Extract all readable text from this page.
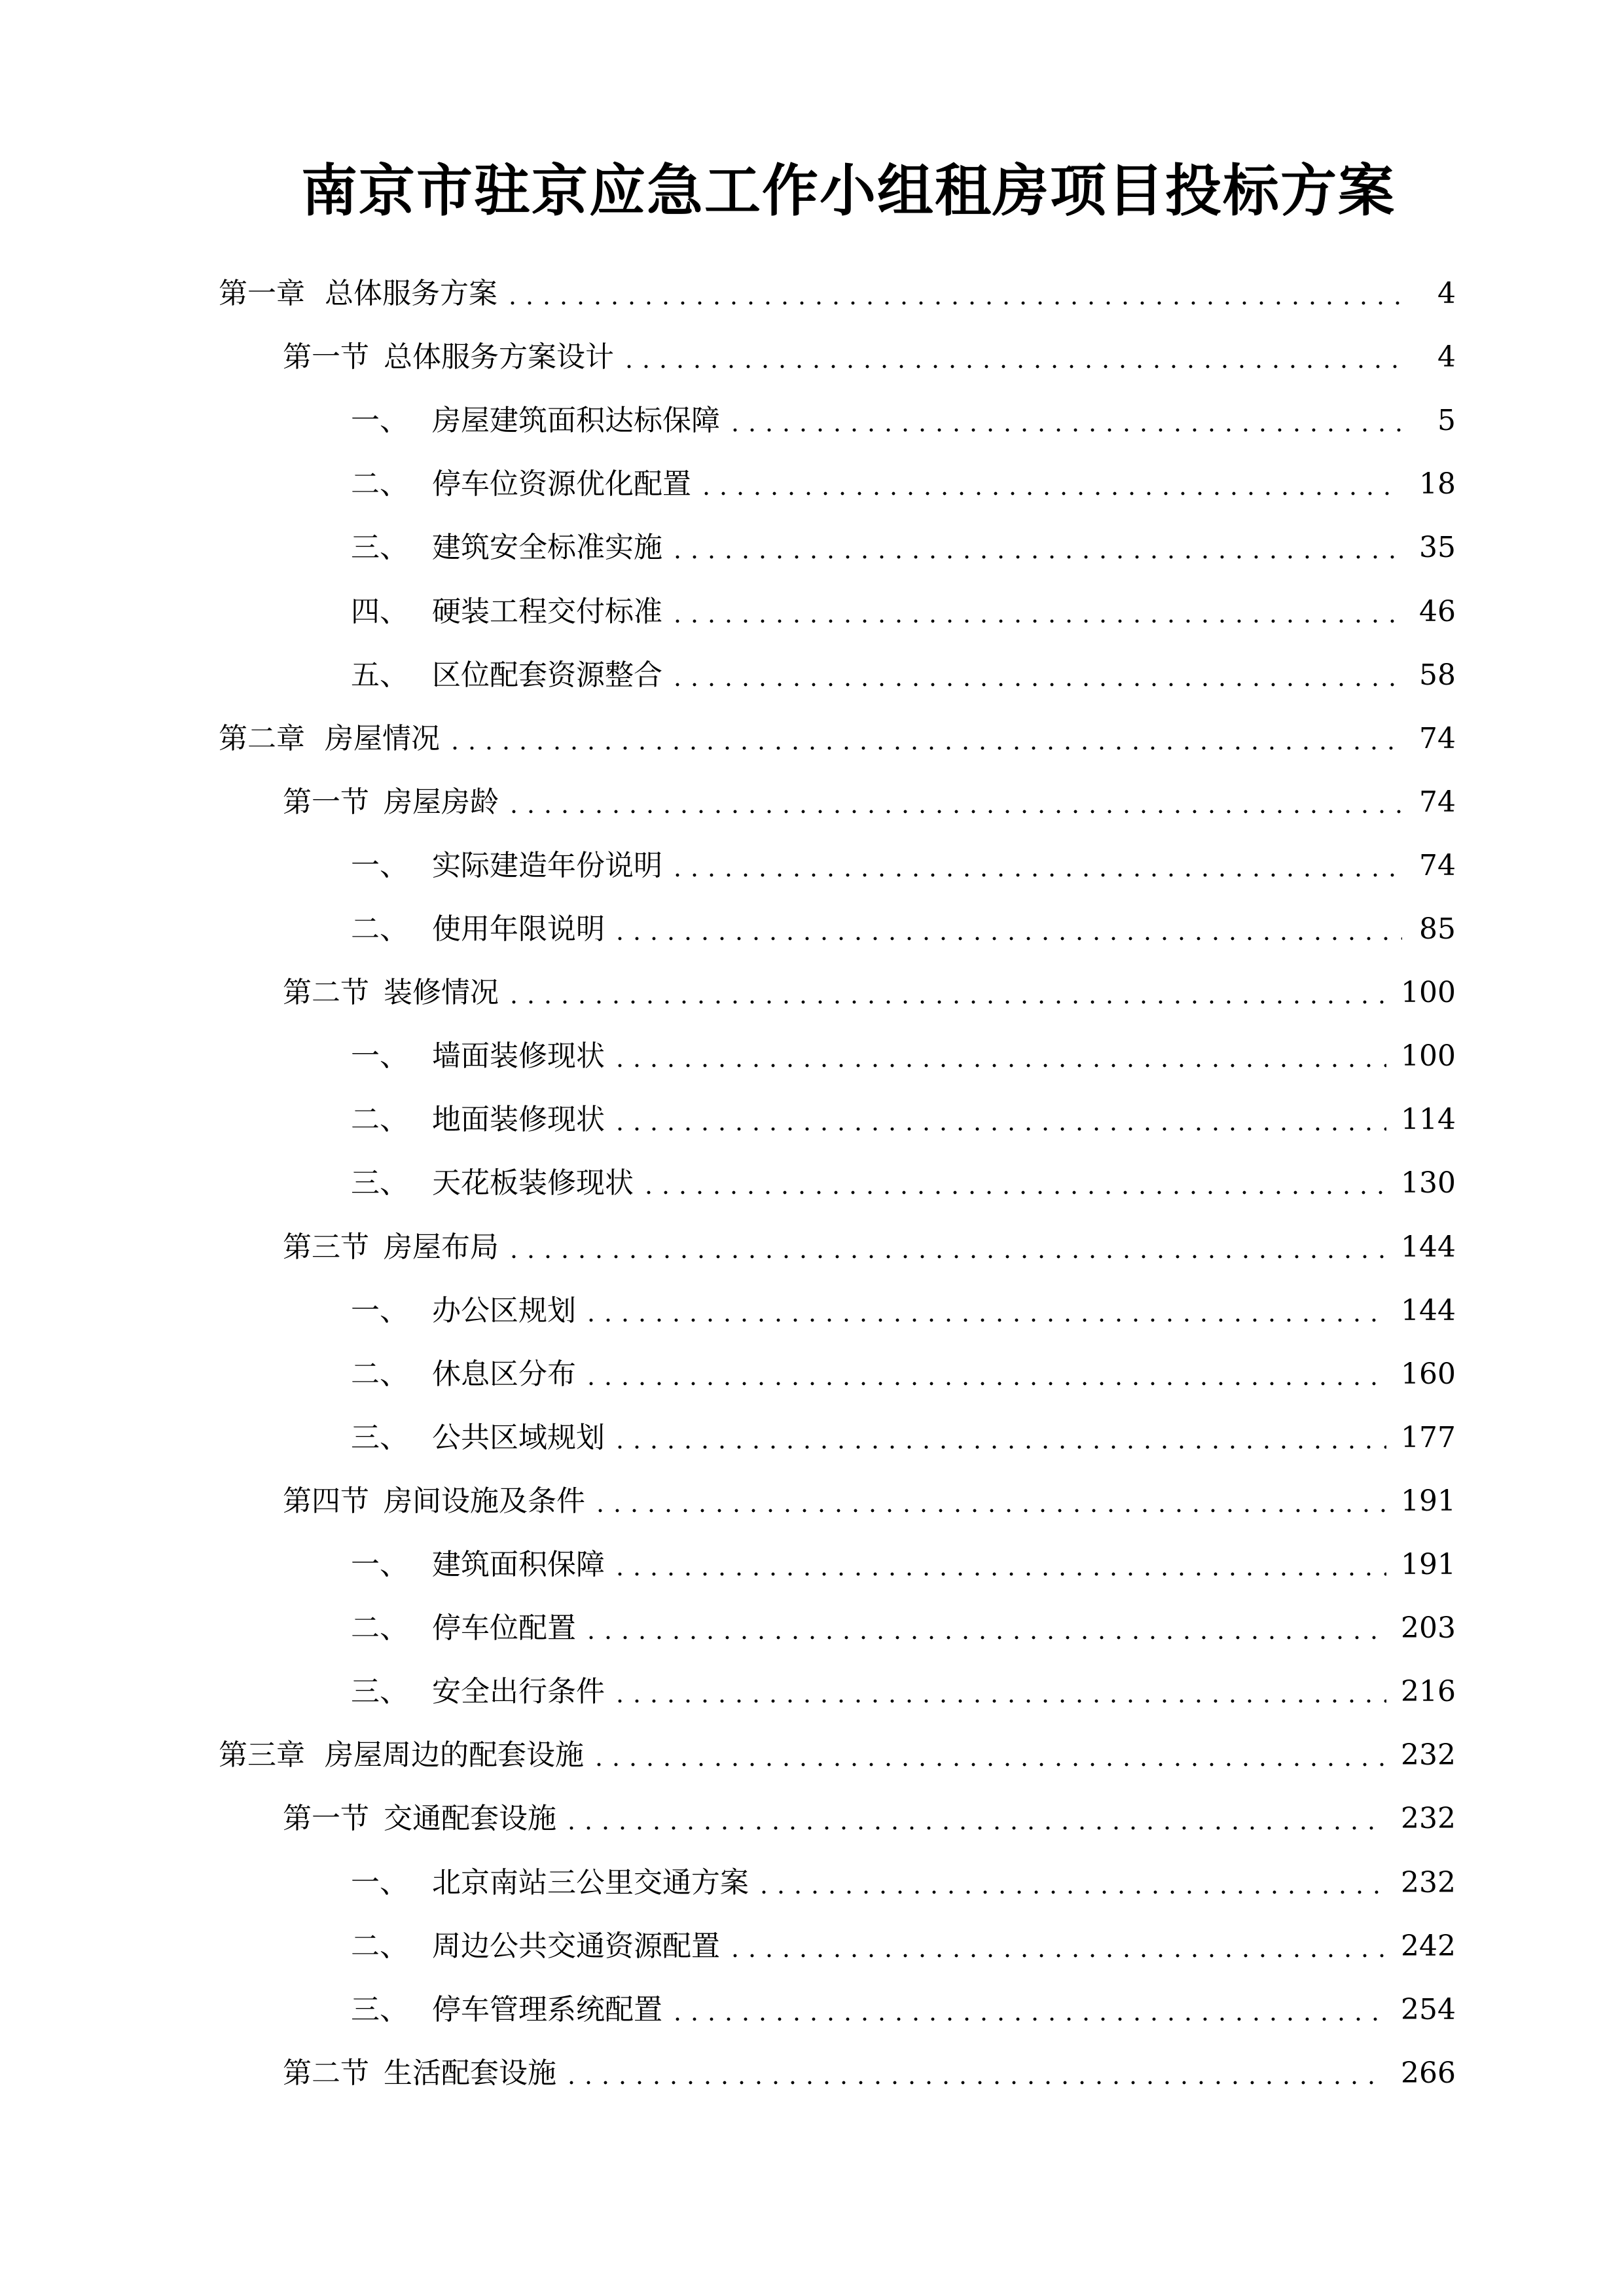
南京市驻京应急工作小组租房项目投标方案
第一章 总体服务方案	4
第一节 总体服务方案设计	4
一、 房屋建筑面积达标保障	5
二、 停车位资源优化配置	18
三、 建筑安全标准实施	35
四、 硬装工程交付标准	46
五、 区位配套资源整合	58
第二章 房屋情况	74
第一节 房屋房龄	74
一、 实际建造年份说明	74
二、 使用年限说明	85
第二节 装修情况	100
一、 墙面装修现状	100
二、 地面装修现状	114
三、 天花板装修现状	130
第三节 房屋布局	144
一、 办公区规划	144
二、 休息区分布	160
三、 公共区域规划	177
第四节 房间设施及条件	191
一、 建筑面积保障	191
二、 停车位配置	203
三、 安全出行条件	216
第三章 房屋周边的配套设施	232
第一节 交通配套设施	232
一、 北京南站三公里交通方案	232
二、 周边公共交通资源配置	242
三、 停车管理系统配置	254
第二节 生活配套设施	266
